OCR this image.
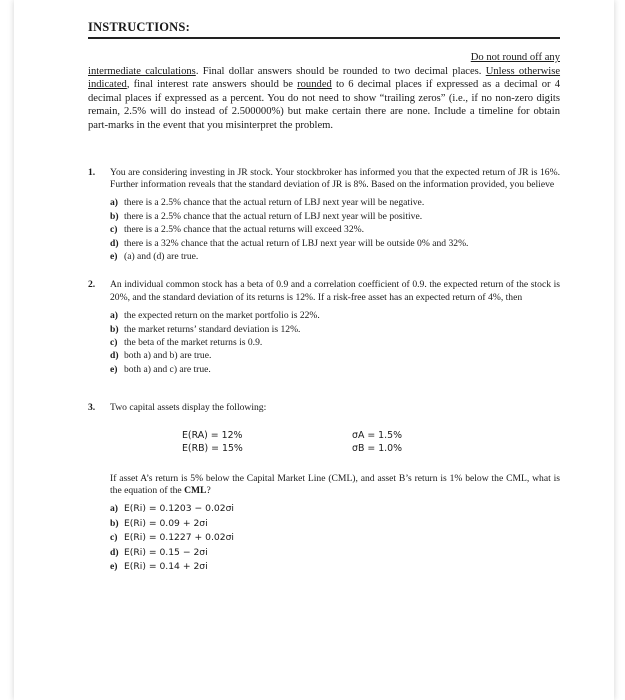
INSTRUCTIONS:

Do not round off any

intermediate calculations. Final dollar answers should be rounded to two decimal places. Unless otherwise indicated, final interest rate answers should be rounded to 6 decimal places if expressed as a decimal or 4 decimal places if expressed as a percent. You do not need to show “trailing zeros” (i.e., if no non-zero digits remain, 2.5% will do instead of 2.500000%) but make certain there are none. Include a timeline for obtain part-marks in the event that you misinterpret the problem.
1. You are considering investing in JR stock. Your stockbroker has informed you that the expected return of JR is 16%. Further information reveals that the standard deviation of JR is 8%. Based on the information provided, you believe

a) there is a 2.5% chance that the actual return of LBJ next year will be negative.
b) there is a 2.5% chance that the actual return of LBJ next year will be positive.
c) there is a 2.5% chance that the actual returns will exceed 32%.
d) there is a 32% chance that the actual return of LBJ next year will be outside 0% and 32%.
e) (a) and (d) are true.
2. An individual common stock has a beta of 0.9 and a correlation coefficient of 0.9. the expected return of the stock is 20%, and the standard deviation of its returns is 12%. If a risk-free asset has an expected return of 4%, then

a) the expected return on the market portfolio is 22%.
b) the market returns’ standard deviation is 12%.
c) the beta of the market returns is 0.9.
d) both a) and b) are true.
e) both a) and c) are true.
3. Two capital assets display the following:

E(RA) = 12%
E(RB) = 15%
σA = 1.5%
σB = 1.0%

If asset A’s return is 5% below the Capital Market Line (CML), and asset B’s return is 1% below the CML, what is the equation of the CML?

a) E(Ri) = 0.1203 − 0.02σi
b) E(Ri) = 0.09 + 2σi
c) E(Ri) = 0.1227 + 0.02σi
d) E(Ri) = 0.15 − 2σi
e) E(Ri) = 0.14 + 2σi
